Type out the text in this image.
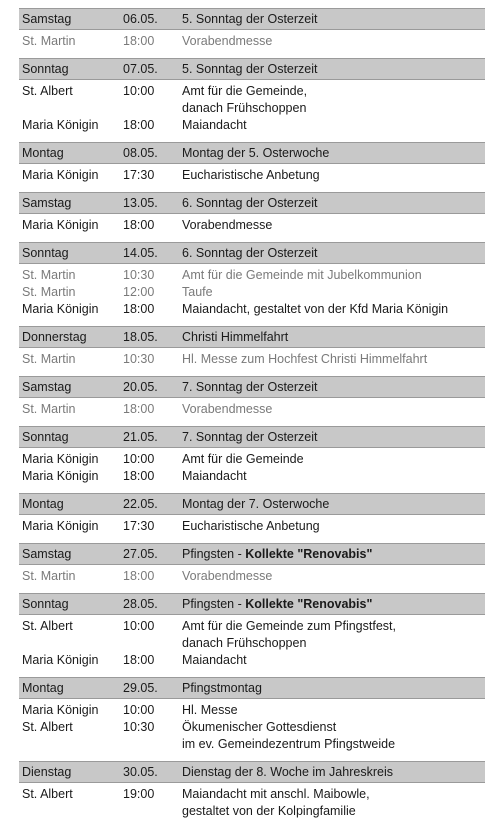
Samstag	06.05. 5. Sonntag der Osterzeit
St. Martin	18:00 Vorabendmesse
Sonntag	07.05. 5. Sonntag der Osterzeit
St. Albert	10:00 Amt für die Gemeinde,
danach Frühschoppen
Maria Königin 18:00 Maiandacht
Montag	08.05. Montag der 5. Osterwoche
Maria Königin 17:30 Eucharistische Anbetung
Samstag	13.05. 6. Sonntag der Osterzeit
Maria Königin 18:00 Vorabendmesse
Sonntag	14.05. 6. Sonntag der Osterzeit
St. Martin	10:30 Amt für die Gemeinde mit Jubelkommunion
St. Martin	12:00 Taufe
Maria Königin 18:00 Maiandacht, gestaltet von der Kfd Maria Königin
Donnerstag	18.05. Christi Himmelfahrt
St. Martin	10:30 Hl. Messe zum Hochfest Christi Himmelfahrt
Samstag	20.05. 7. Sonntag der Osterzeit
St. Martin	18:00 Vorabendmesse
Sonntag	21.05. 7. Sonntag der Osterzeit
Maria Königin 10:00 Amt für die Gemeinde
Maria Königin 18:00 Maiandacht
Montag	22.05. Montag der 7. Osterwoche
Maria Königin 17:30 Eucharistische Anbetung
Samstag	27.05. Pfingsten - Kollekte "Renovabis"
St. Martin	18:00 Vorabendmesse
Sonntag	28.05. Pfingsten - Kollekte "Renovabis"
St. Albert	10:00 Amt für die Gemeinde zum Pfingstfest,
danach Frühschoppen
Maria Königin 18:00 Maiandacht
Montag	29.05. Pfingstmontag
Maria Königin 10:00 Hl. Messe
St. Albert	10:30 Ökumenischer Gottesdienst
im ev. Gemeindezentrum Pfingstweide
Dienstag	30.05. Dienstag der 8. Woche im Jahreskreis
St. Albert	19:00 Maiandacht mit anschl. Maibowle,
gestaltet von der Kolpingfamilie
